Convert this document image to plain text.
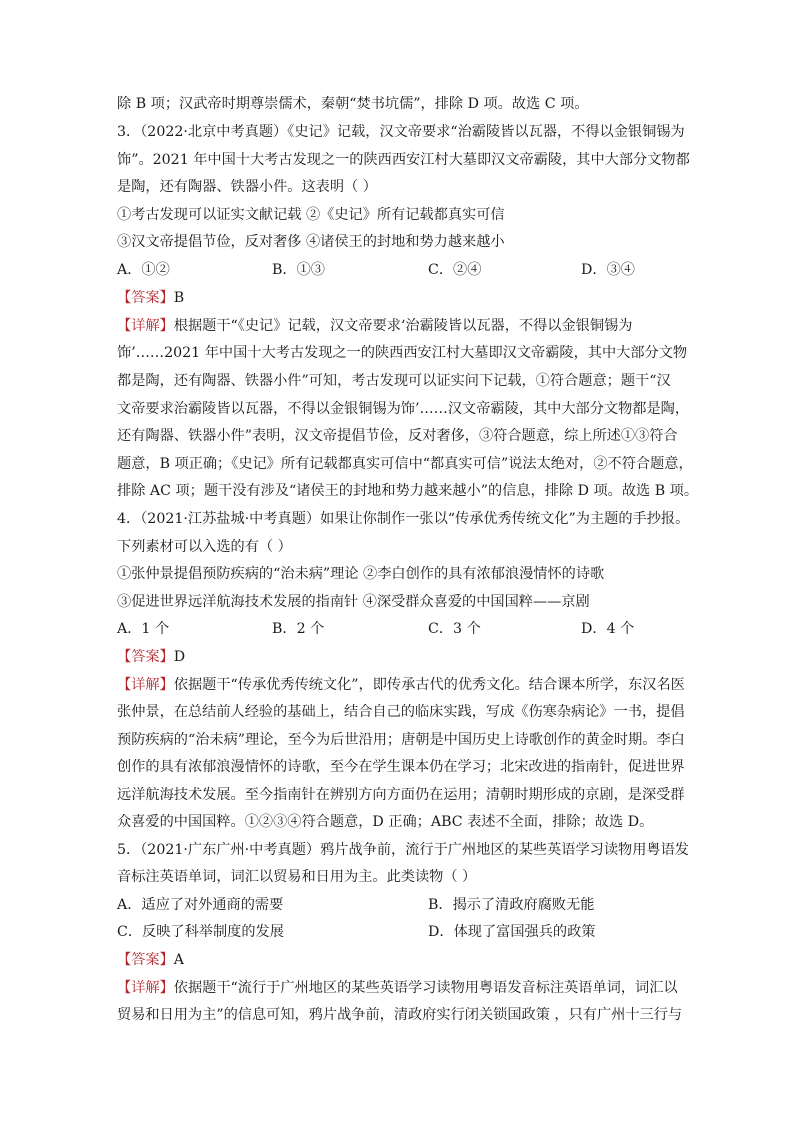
除 B 项；汉武帝时期尊崇儒术，秦朝“焚书坑儒”，排除 D 项。故选 C 项。
3．（2022·北京中考真题）《史记》记载，汉文帝要求“治霸陵皆以瓦器，不得以金银铜锡为
饰”。2021 年中国十大考古发现之一的陕西西安江村大墓即汉文帝霸陵，其中大部分文物都
是陶，还有陶器、铁器小件。这表明（ ）
①考古发现可以证实文献记载 ②《史记》所有记载都真实可信
③汉文帝提倡节俭，反对奢侈 ④诸侯王的封地和势力越来越小
A．①②	B．①③	C．②④	D．③④
【答案】B
【详解】根据题干“《史记》记载，汉文帝要求‘治霸陵皆以瓦器，不得以金银铜锡为
饰’……2021 年中国十大考古发现之一的陕西西安江村大墓即汉文帝霸陵，其中大部分文物
都是陶，还有陶器、铁器小件”可知，考古发现可以证实问下记载，①符合题意；题干“汉
文帝要求治霸陵皆以瓦器，不得以金银铜锡为饰’……汉文帝霸陵，其中大部分文物都是陶，
还有陶器、铁器小件”表明，汉文帝提倡节俭，反对奢侈，③符合题意，综上所述①③符合
题意，B 项正确；《史记》所有记载都真实可信中“都真实可信”说法太绝对，②不符合题意，
排除 AC 项；题干没有涉及“诸侯王的封地和势力越来越小”的信息，排除 D 项。故选 B 项。
4．（2021·江苏盐城·中考真题）如果让你制作一张以“传承优秀传统文化”为主题的手抄报。
下列素材可以入选的有（ ）
①张仲景提倡预防疾病的“治未病”理论 ②李白创作的具有浓郁浪漫情怀的诗歌
③促进世界远洋航海技术发展的指南针 ④深受群众喜爱的中国国粹——京剧
A．1 个	B．2 个	C．3 个	D．4 个
【答案】D
【详解】依据题干“传承优秀传统文化”，即传承古代的优秀文化。结合课本所学，东汉名医
张仲景，在总结前人经验的基础上，结合自己的临床实践，写成《伤寒杂病论》一书，提倡
预防疾病的“治未病”理论，至今为后世沿用；唐朝是中国历史上诗歌创作的黄金时期。李白
创作的具有浓郁浪漫情怀的诗歌，至今在学生课本仍在学习；北宋改进的指南针，促进世界
远洋航海技术发展。至今指南针在辨别方向方面仍在运用；清朝时期形成的京剧，是深受群
众喜爱的中国国粹。①②③④符合题意，D 正确；ABC 表述不全面，排除；故选 D。
5．（2021·广东广州·中考真题）鸦片战争前，流行于广州地区的某些英语学习读物用粤语发
音标注英语单词，词汇以贸易和日用为主。此类读物（ ）
A．适应了对外通商的需要	B．揭示了清政府腐败无能
C．反映了科举制度的发展	D．体现了富国强兵的政策
【答案】A
【详解】依据题干“流行于广州地区的某些英语学习读物用粤语发音标注英语单词，词汇以
贸易和日用为主”的信息可知，鸦片战争前，清政府实行闭关锁国政策 ，只有广州十三行与
